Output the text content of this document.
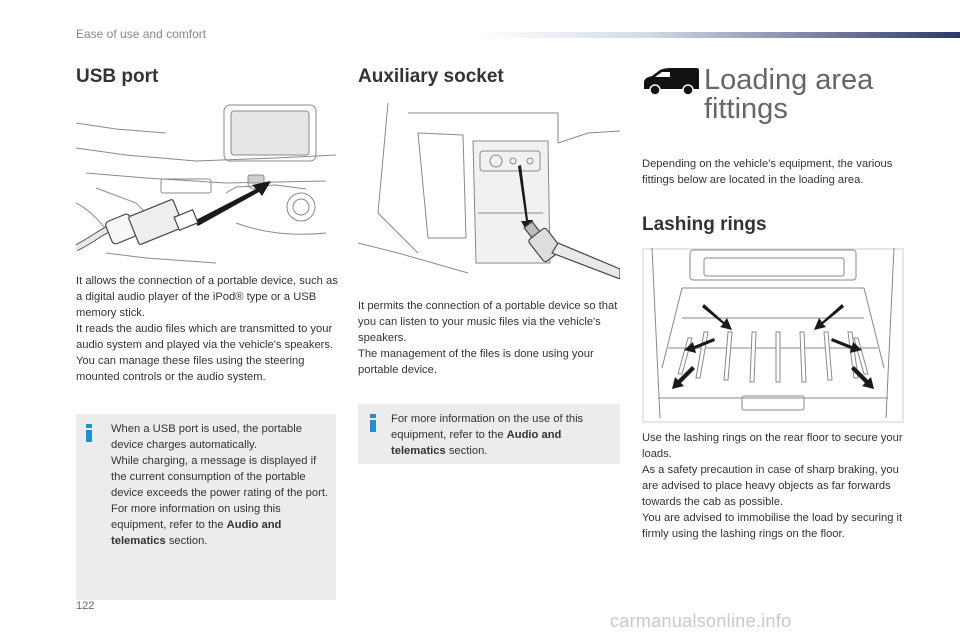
Ease of use and comfort
USB port

It allows the connection of a portable device, such as a digital audio player of the iPod® type or a USB memory stick.

It reads the audio files which are transmitted to your audio system and played via the vehicle's speakers.

You can manage these files using the steering mounted controls or the audio system.

When a USB port is used, the portable device charges automatically.

While charging, a message is displayed if the current consumption of the portable device exceeds the power rating of the port.

For more information on using this equipment, refer to the Audio and telematics section.

Auxiliary socket

It permits the connection of a portable device so that you can listen to your music files via the vehicle's speakers.

The management of the files is done using your portable device.

For more information on the use of this equipment, refer to the Audio and telematics section.

Loading area
fittings
Depending on the vehicle's equipment, the various fittings below are located in the loading area.
Lashing rings

Use the lashing rings on the rear floor to secure your loads.

As a safety precaution in case of sharp braking, you are advised to place heavy objects as far forwards towards the cab as possible.

You are advised to immobilise the load by securing it firmly using the lashing rings on the floor.

122
carmanualsonline.info
